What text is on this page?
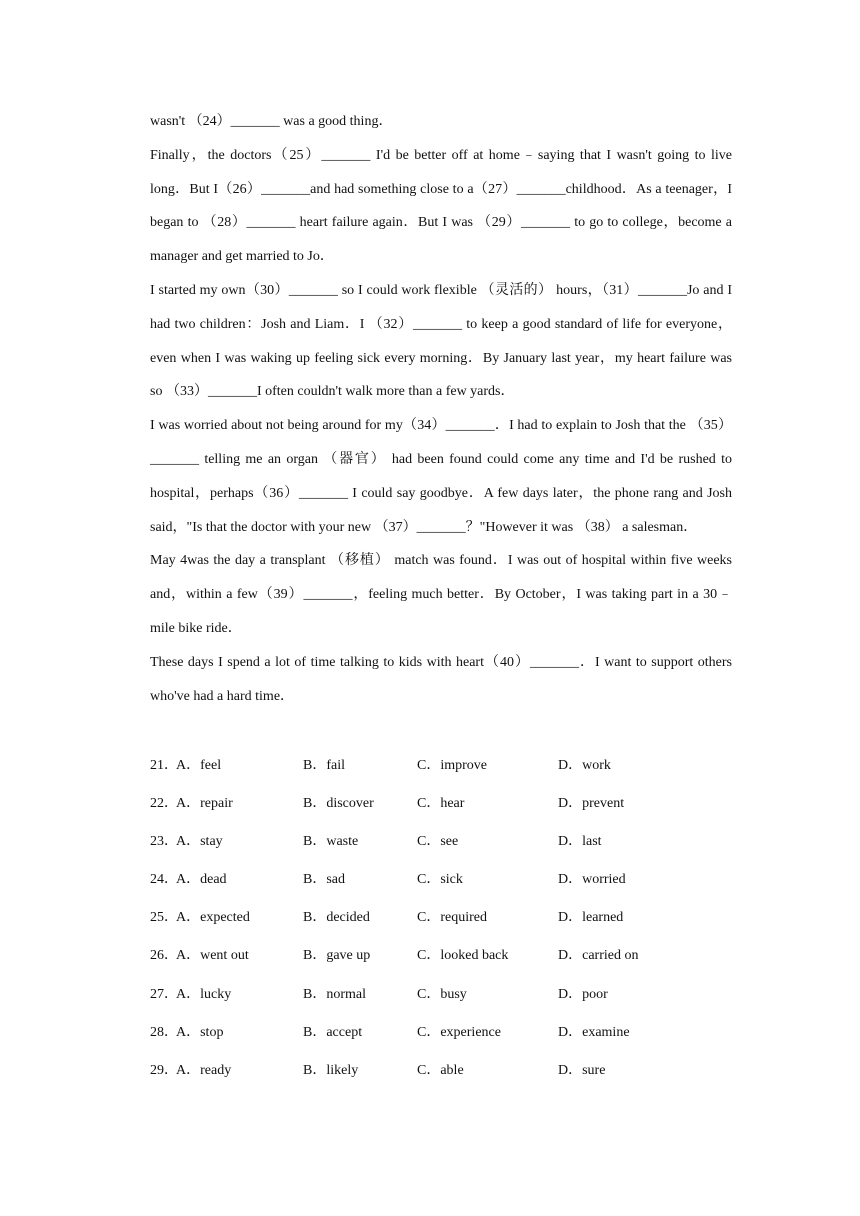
wasn't （24）_______ was a good thing．
Finally，the doctors（25）_______ I'd be better off at home﹣saying that I wasn't going to live long．But I（26）_______and had something close to a（27）_______childhood．As a teenager，I began to （28）_______ heart failure again．But I was （29）_______ to go to college，become a manager and get married to Jo．
I started my own（30）_______ so I could work flexible （灵活的） hours，（31）_______Jo and I had two children：Josh and Liam．I （32）_______ to keep a good standard of life for everyone，even when I was waking up feeling sick every morning．By January last year，my heart failure was so （33）_______I often couldn't walk more than a few yards．
I was worried about not being around for my（34）_______．I had to explain to Josh that the （35）_______ telling me an organ （器官） had been found could come any time and I'd be rushed to hospital，perhaps（36）_______ I could say goodbye．A few days later，the phone rang and Josh said，"Is that the doctor with your new （37）_______？"However it was （38） a salesman．
May 4was the day a transplant （移植） match was found．I was out of hospital within five weeks and，within a few（39）_______，feeling much better．By October，I was taking part in a 30﹣mile bike ride．
These days I spend a lot of time talking to kids with heart（40）_______．I want to support others who've had a hard time．
21．
A．feel	B．fail	C．improve	D．work
22．
A．repair	B．discover	C．hear	D．prevent
23．
A．stay	B．waste	C．see	D．last
24．
A．dead	B．sad	C．sick	D．worried
25．
A．expected	B．decided	C．required	D．learned
26．
A．went out	B．gave up	C．looked back	D．carried on
27．
A．lucky	B．normal	C．busy	D．poor
28．
A．stop	B．accept	C．experience	D．examine
29．
A．ready	B．likely	C．able	D．sure
